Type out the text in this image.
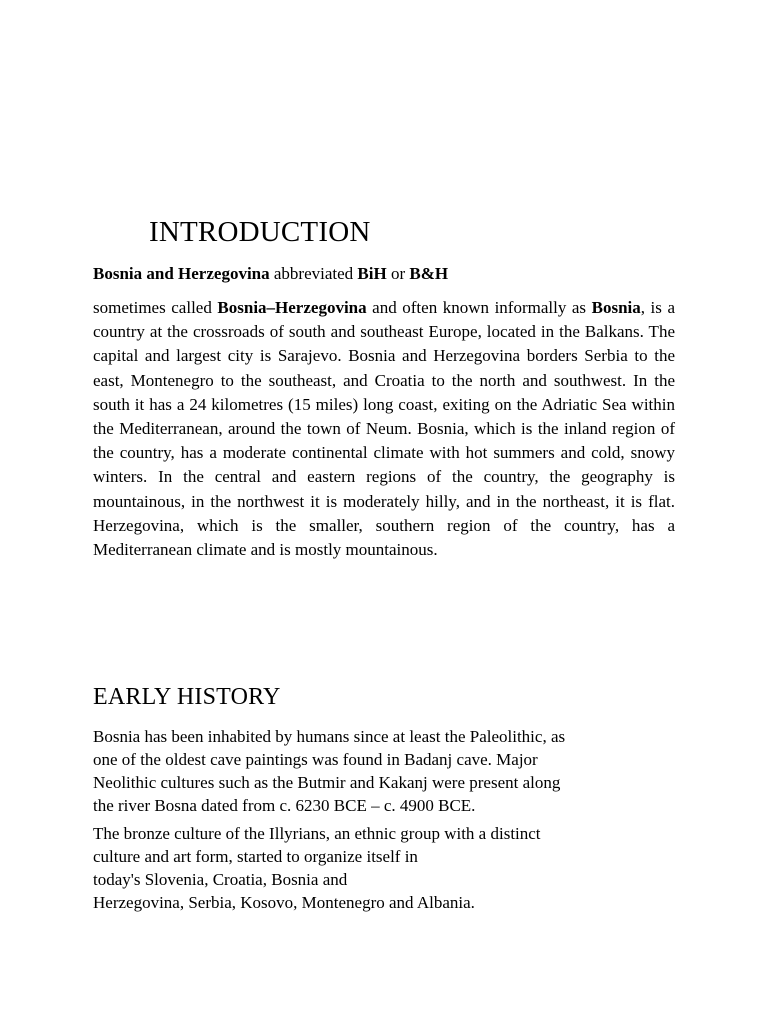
INTRODUCTION

Bosnia and Herzegovina abbreviated BiH or B&H

sometimes called Bosnia–Herzegovina and often known informally as Bosnia, is a country at the crossroads of south and southeast Europe, located in the Balkans. The capital and largest city is Sarajevo. Bosnia and Herzegovina borders Serbia to the east, Montenegro to the southeast, and Croatia to the north and southwest. In the south it has a 24 kilometres (15 miles) long coast, exiting on the Adriatic Sea within the Mediterranean, around the town of Neum. Bosnia, which is the inland region of the country, has a moderate continental climate with hot summers and cold, snowy winters. In the central and eastern regions of the country, the geography is mountainous, in the northwest it is moderately hilly, and in the northeast, it is flat. Herzegovina, which is the smaller, southern region of the country, has a Mediterranean climate and is mostly mountainous.

EARLY HISTORY

Bosnia has been inhabited by humans since at least the Paleolithic, as
one of the oldest cave paintings was found in Badanj cave. Major
Neolithic cultures such as the Butmir and Kakanj were present along
the river Bosna dated from c. 6230 BCE – c. 4900 BCE.

The bronze culture of the Illyrians, an ethnic group with a distinct
culture and art form, started to organize itself in
today's Slovenia, Croatia, Bosnia and
Herzegovina, Serbia, Kosovo, Montenegro and Albania.
